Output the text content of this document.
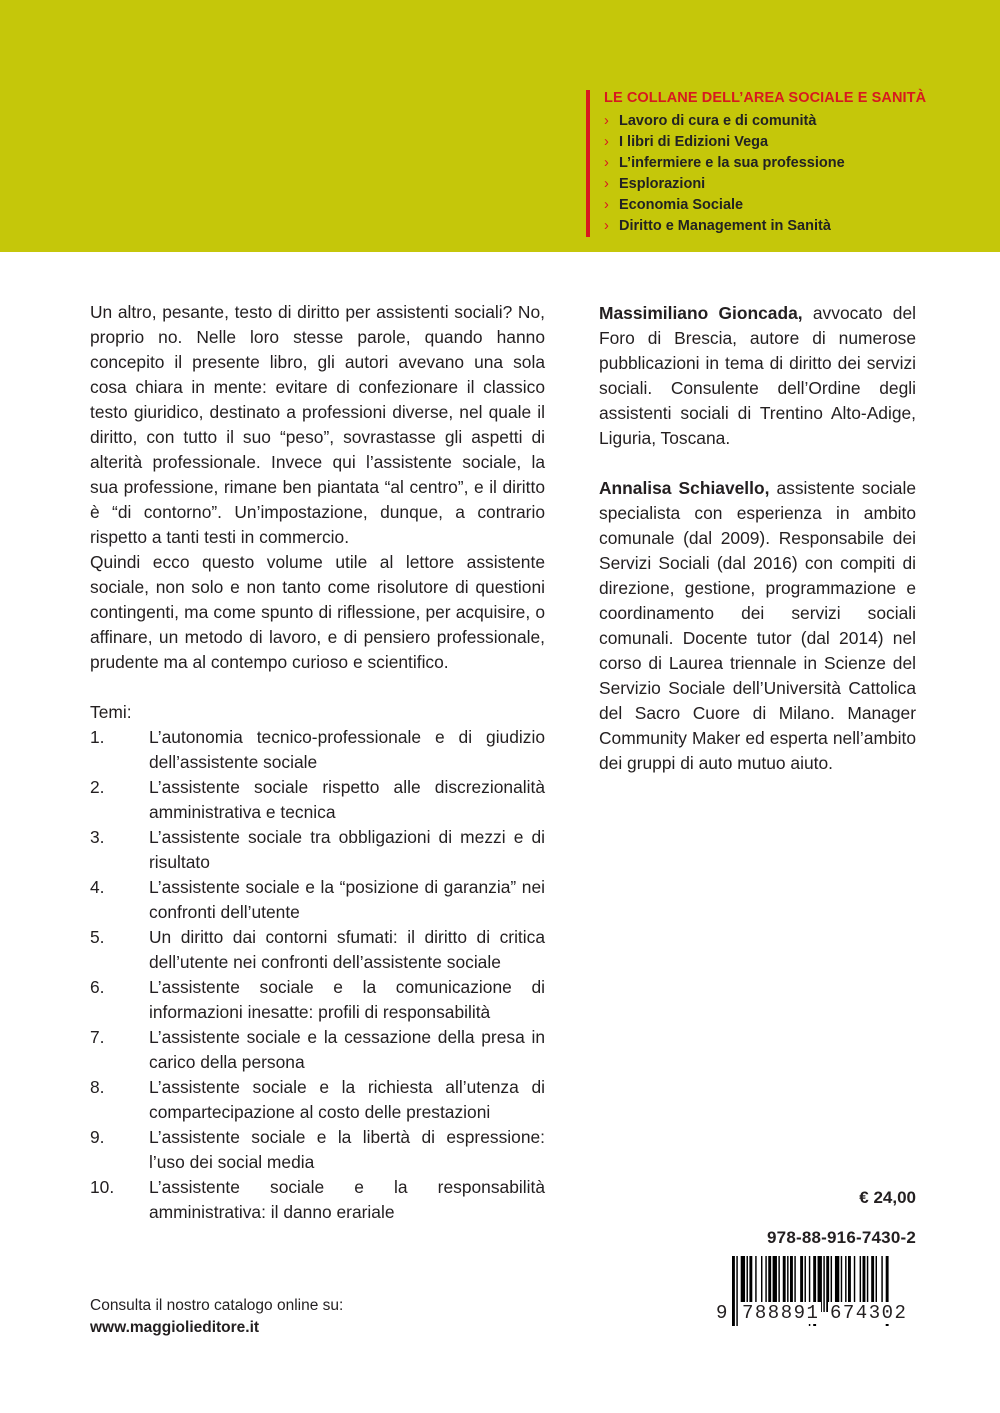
LE COLLANE DELL’AREA SOCIALE E SANITÀ
› Lavoro di cura e di comunità
› I libri di Edizioni Vega
› L’infermiere e la sua professione
› Esplorazioni
› Economia Sociale
› Diritto e Management in Sanità

Un altro, pesante, testo di diritto per assistenti sociali? No, proprio no. Nelle loro stesse parole, quando hanno concepito il presente libro, gli autori avevano una sola cosa chiara in mente: evitare di confezionare il classico testo giuridico, destinato a professioni diverse, nel quale il diritto, con tutto il suo “peso”, sovrastasse gli aspetti di alterità professionale. Invece qui l’assistente sociale, la sua professione, rimane ben piantata “al centro”, e il diritto è “di contorno”. Un’impostazione, dunque, a contrario rispetto a tanti testi in commercio.

Quindi ecco questo volume utile al lettore assistente sociale, non solo e non tanto come risolutore di questioni contingenti, ma come spunto di riflessione, per acquisire, o affinare, un metodo di lavoro, e di pensiero professionale, prudente ma al contempo curioso e scientifico.

Temi:

1.	L’autonomia tecnico-professionale e di giudizio dell’assistente sociale
2.	L’assistente sociale rispetto alle discrezionalità amministrativa e tecnica
3.	L’assistente sociale tra obbligazioni di mezzi e di risultato
4.	L’assistente sociale e la “posizione di garanzia” nei confronti dell’utente
5.	Un diritto dai contorni sfumati: il diritto di critica dell’utente nei confronti dell’assistente sociale
6.	L’assistente sociale e la comunicazione di informazioni inesatte: profili di responsabilità
7.	L’assistente sociale e la cessazione della presa in carico della persona
8.	L’assistente sociale e la richiesta all’utenza di compartecipazione al costo delle prestazioni
9.	L’assistente sociale e la libertà di espressione: l’uso dei social media
10.	L’assistente sociale e la responsabilità amministrativa: il danno erariale

Massimiliano Gioncada, avvocato del Foro di Brescia, autore di numerose pubblicazioni in tema di diritto dei servizi sociali. Consulente dell’Ordine degli assistenti sociali di Trentino Alto-Adige, Liguria, Toscana.

Annalisa Schiavello, assistente sociale specialista con esperienza in ambito comunale (dal 2009). Responsabile dei Servizi Sociali (dal 2016) con compiti di direzione, gestione, programmazione e coordinamento dei servizi sociali comunali. Docente tutor (dal 2014) nel corso di Laurea triennale in Scienze del Servizio Sociale dell’Università Cattolica del Sacro Cuore di Milano. Manager Community Maker ed esperta nell’ambito dei gruppi di auto mutuo aiuto.

Consulta il nostro catalogo online su:
www.maggiolieditore.it
€ 24,00
978-88-916-7430-2
9 788891 674302
